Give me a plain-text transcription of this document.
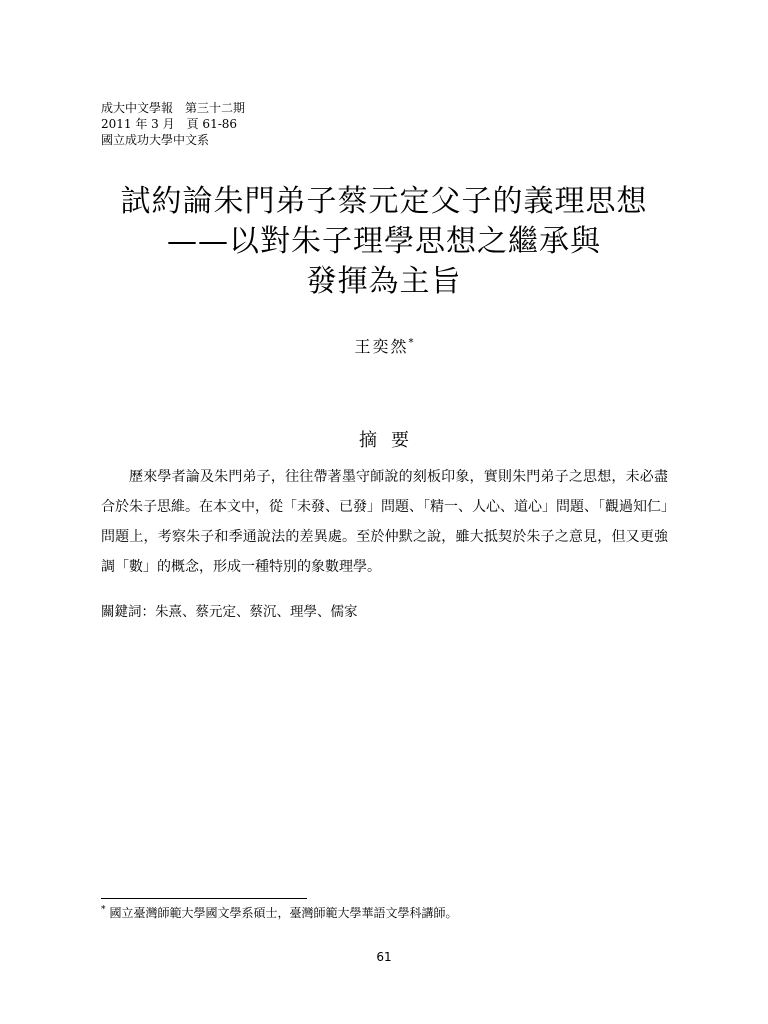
成大中文學報　第三十二期
2011 年 3 月　頁 61-86
國立成功大學中文系
試約論朱門弟子蔡元定父子的義理思想
——以對朱子理學思想之繼承與
發揮為主旨
王奕然*
摘要

歷來學者論及朱門弟子，往往帶著墨守師說的刻板印象，實則朱門弟子之思想，未必盡合於朱子思維。在本文中，從「未發、已發」問題、「精一、人心、道心」問題、「觀過知仁」問題上，考察朱子和季通說法的差異處。至於仲默之說，雖大抵契於朱子之意見，但又更強調「數」的概念，形成一種特別的象數理學。

關鍵詞：朱熹、蔡元定、蔡沉、理學、儒家
* 國立臺灣師範大學國文學系碩士，臺灣師範大學華語文學科講師。
61
